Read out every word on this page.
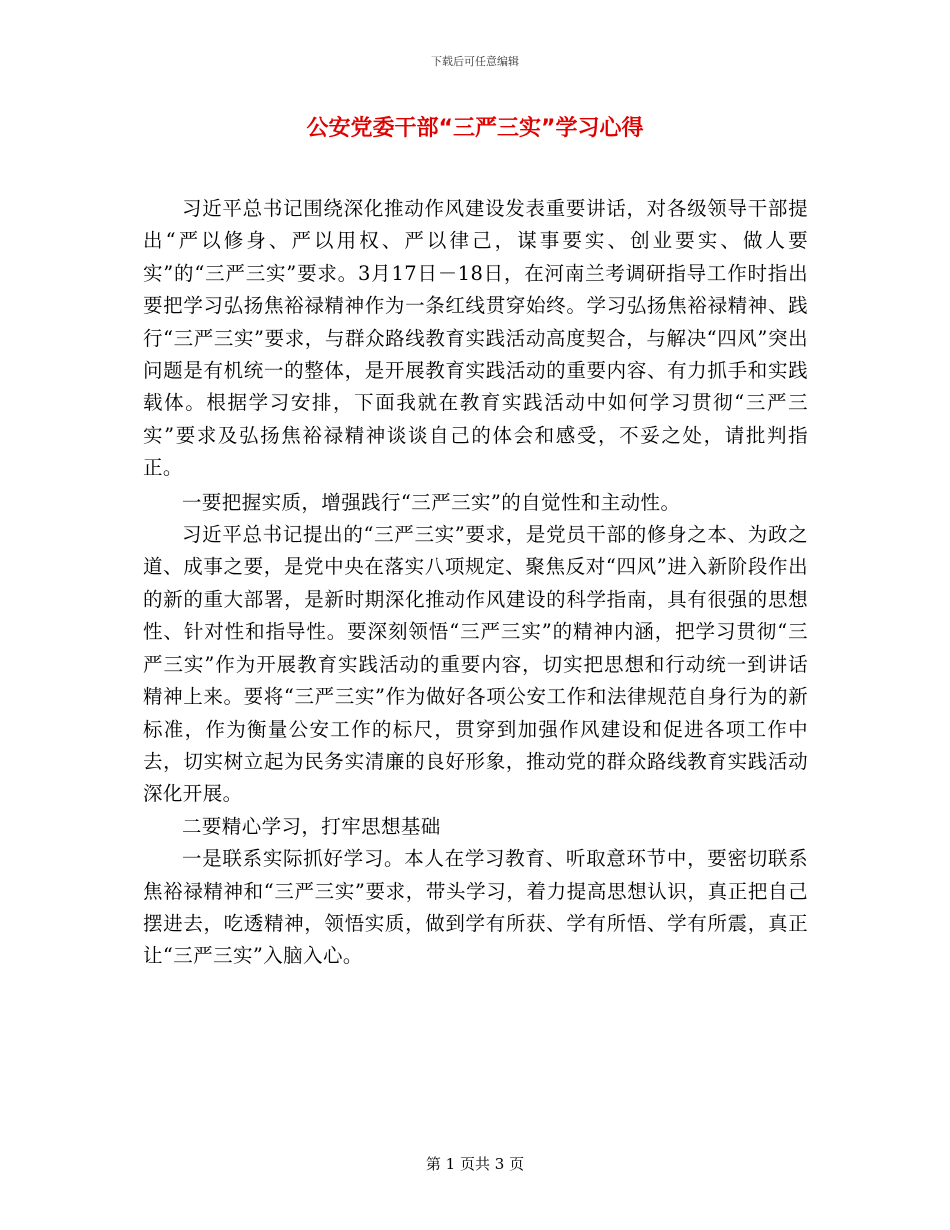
下载后可任意编辑
公安党委干部“三严三实”学习心得

习近平总书记围绕深化推动作风建设发表重要讲话，对各级领导干部提出“严以修身、严以用权、严以律己，谋事要实、创业要实、做人要实”的“三严三实”要求。3月17日－18日，在河南兰考调研指导工作时指出要把学习弘扬焦裕禄精神作为一条红线贯穿始终。学习弘扬焦裕禄精神、践行“三严三实”要求，与群众路线教育实践活动高度契合，与解决“四风”突出问题是有机统一的整体，是开展教育实践活动的重要内容、有力抓手和实践载体。根据学习安排，下面我就在教育实践活动中如何学习贯彻“三严三实”要求及弘扬焦裕禄精神谈谈自己的体会和感受，不妥之处，请批判指正。

一要把握实质，增强践行“三严三实”的自觉性和主动性。

习近平总书记提出的“三严三实”要求，是党员干部的修身之本、为政之道、成事之要，是党中央在落实八项规定、聚焦反对“四风”进入新阶段作出的新的重大部署，是新时期深化推动作风建设的科学指南，具有很强的思想性、针对性和指导性。要深刻领悟“三严三实”的精神内涵，把学习贯彻“三严三实”作为开展教育实践活动的重要内容，切实把思想和行动统一到讲话精神上来。要将“三严三实”作为做好各项公安工作和法律规范自身行为的新标准，作为衡量公安工作的标尺，贯穿到加强作风建设和促进各项工作中去，切实树立起为民务实清廉的良好形象，推动党的群众路线教育实践活动深化开展。

二要精心学习，打牢思想基础

一是联系实际抓好学习。本人在学习教育、听取意环节中，要密切联系焦裕禄精神和“三严三实”要求，带头学习，着力提高思想认识，真正把自己摆进去，吃透精神，领悟实质，做到学有所获、学有所悟、学有所震，真正让“三严三实”入脑入心。

第 1 页共 3 页
